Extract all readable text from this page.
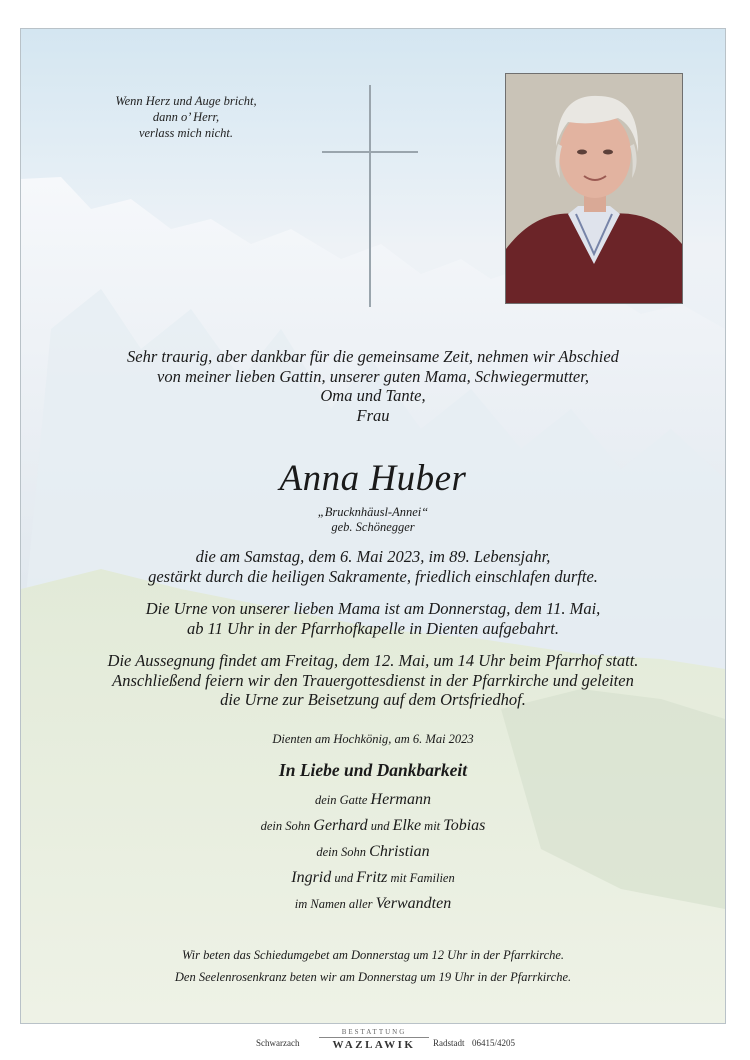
Wenn Herz und Auge bricht,
dann o’ Herr,
verlass mich nicht.
Sehr traurig, aber dankbar für die gemeinsame Zeit, nehmen wir Abschied
von meiner lieben Gattin, unserer guten Mama, Schwiegermutter,
Oma und Tante,
Frau
Anna Huber
„Brucknhäusl-Annei“
geb. Schönegger
die am Samstag, dem 6. Mai 2023, im 89. Lebensjahr,
gestärkt durch die heiligen Sakramente, friedlich einschlafen durfte.
Die Urne von unserer lieben Mama ist am Donnerstag, dem 11. Mai,
ab 11 Uhr in der Pfarrhofkapelle in Dienten aufgebahrt.
Die Aussegnung findet am Freitag, dem 12. Mai, um 14 Uhr beim Pfarrhof statt.
Anschließend feiern wir den Trauergottesdienst in der Pfarrkirche und geleiten
die Urne zur Beisetzung auf dem Ortsfriedhof.
Dienten am Hochkönig, am 6. Mai 2023
In Liebe und Dankbarkeit
dein Gatte Hermann
dein Sohn Gerhard und Elke mit Tobias
dein Sohn Christian
Ingrid und Fritz mit Familien
im Namen aller Verwandten
Wir beten das Schiedumgebet am Donnerstag um 12 Uhr in der Pfarrkirche.
Den Seelenrosenkranz beten wir am Donnerstag um 19 Uhr in der Pfarrkirche.
Schwarzach
BESTATTUNG
WAZLAWIK	Radstadt 06415/4205
